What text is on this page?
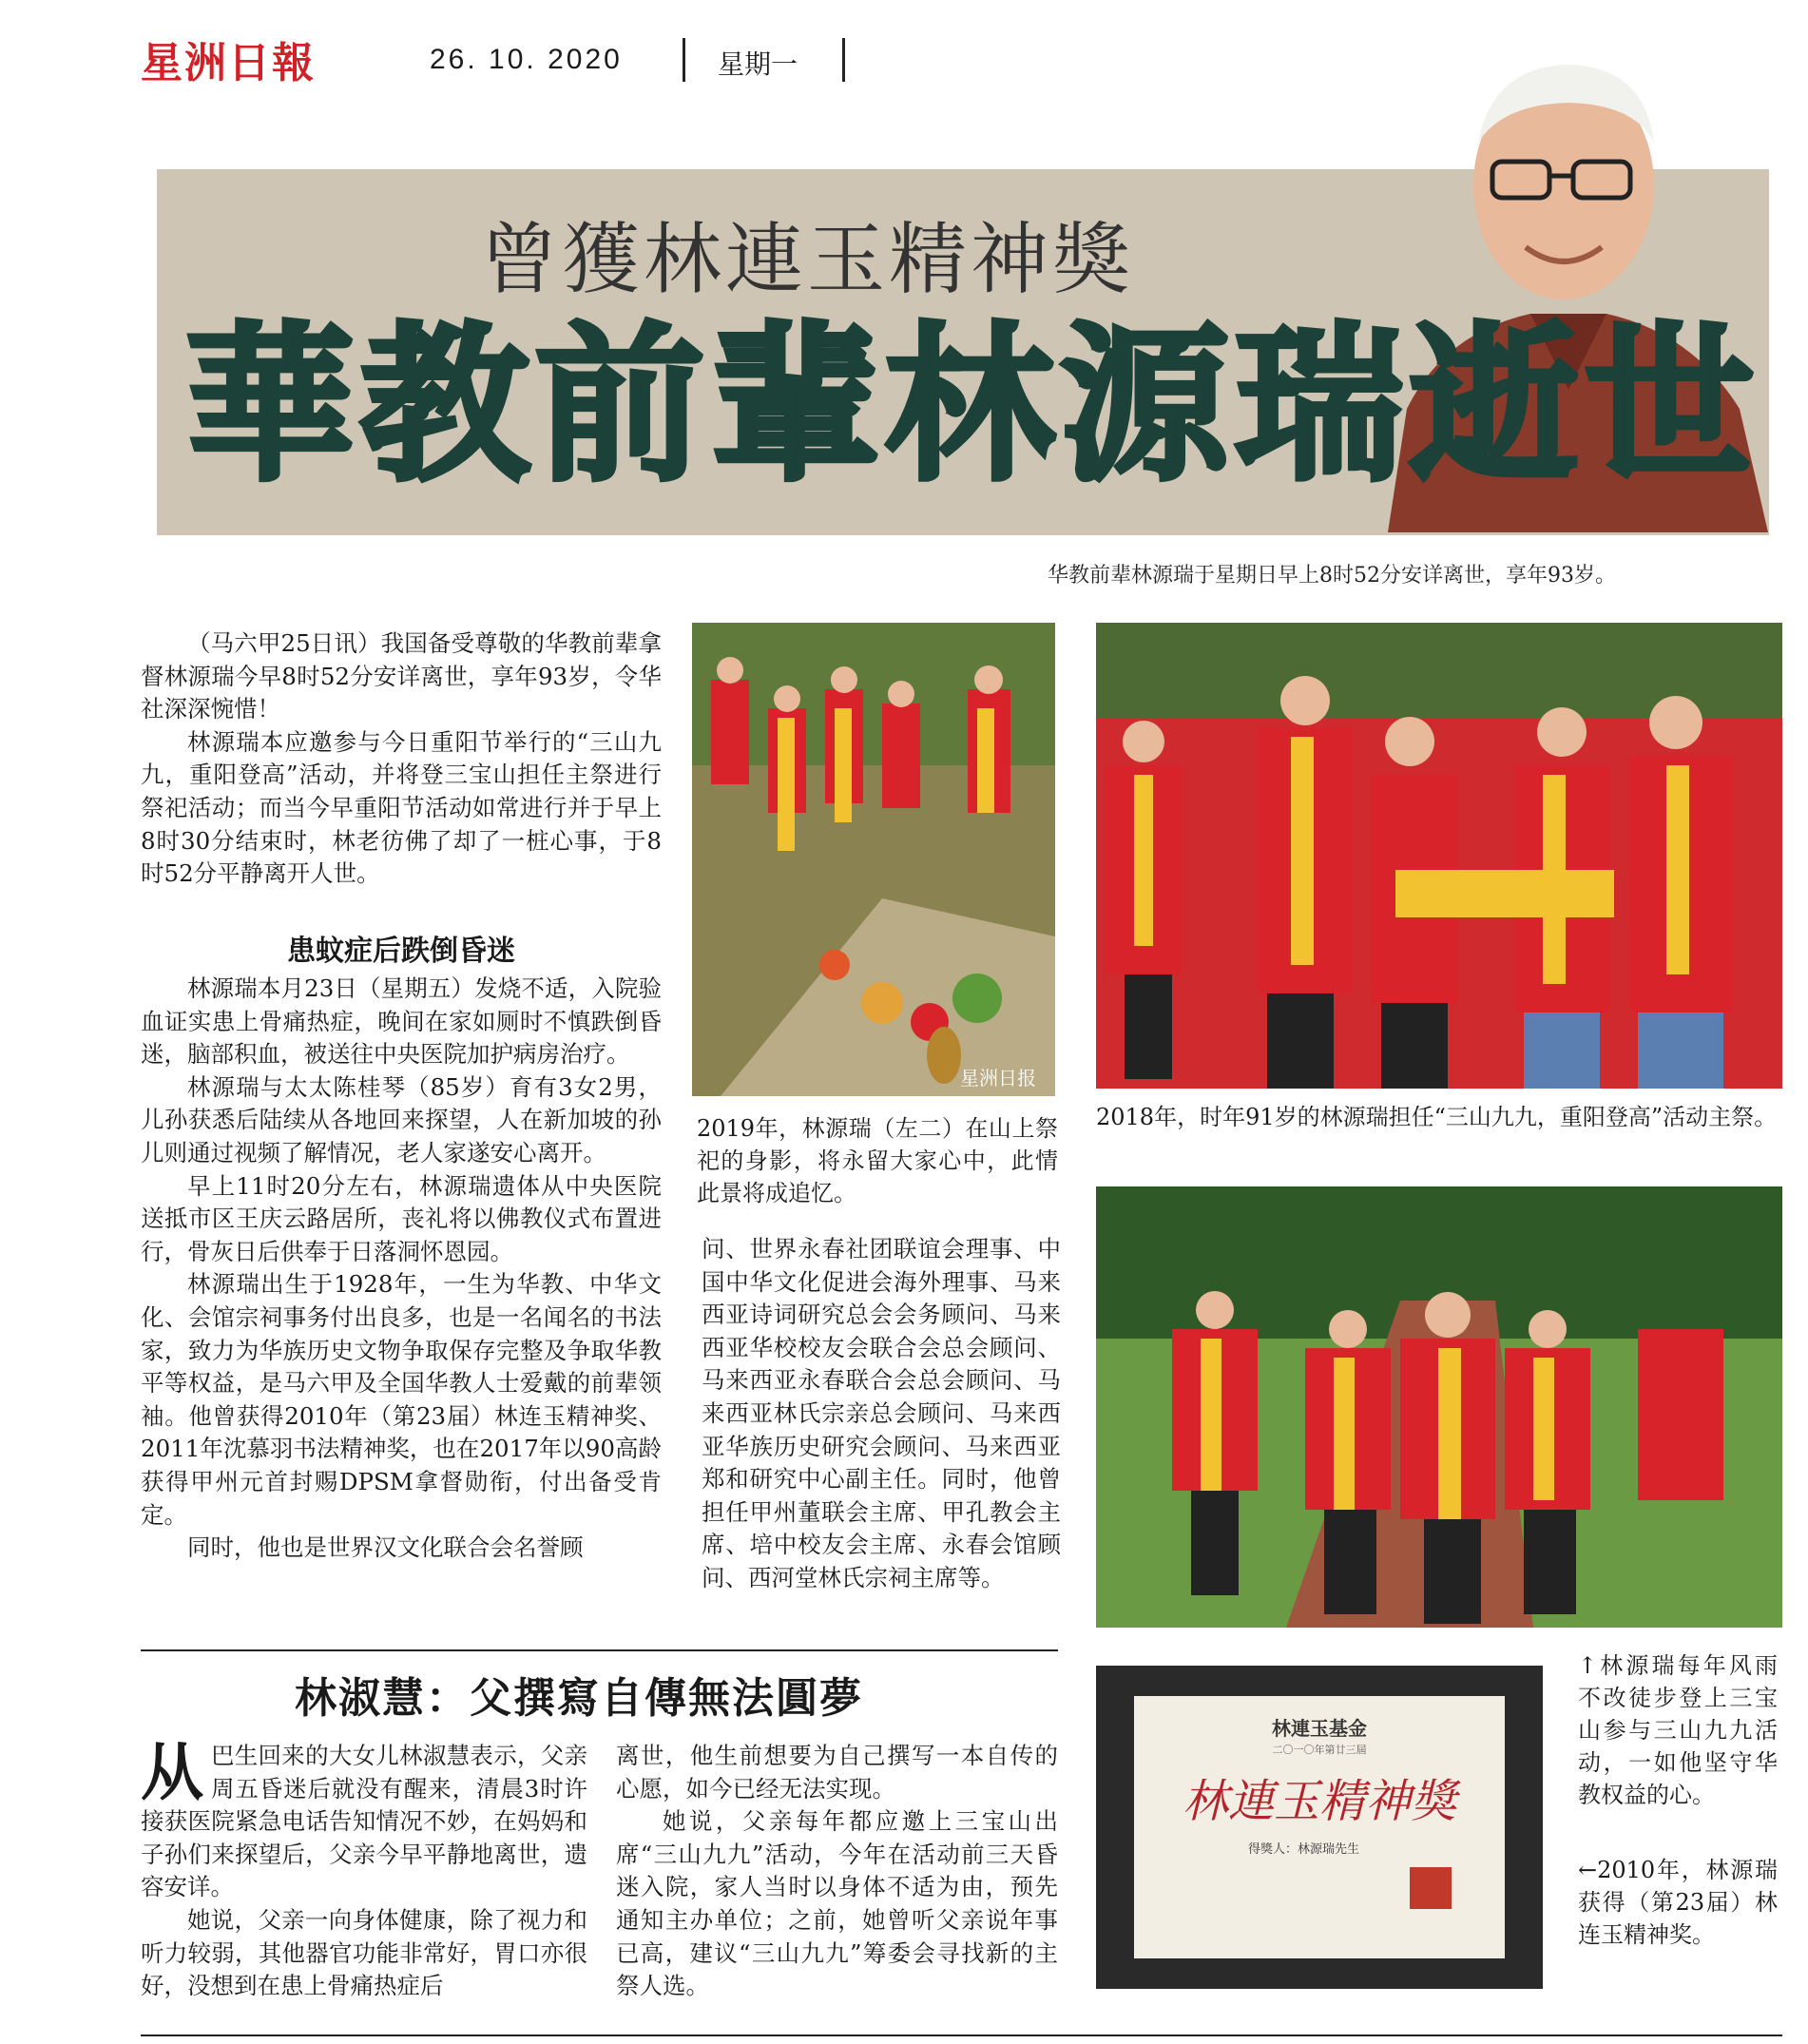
星洲日報	26. 10. 2020	星期一
曾獲林連玉精神獎
華教前輩林源瑞逝世
华教前辈林源瑞于星期日早上8时52分安详离世，享年93岁。

（马六甲25日讯）我国备受尊敬的华教前辈拿督林源瑞今早8时52分安详离世，享年93岁，令华社深深惋惜！

林源瑞本应邀参与今日重阳节举行的“三山九九，重阳登高”活动，并将登三宝山担任主祭进行祭祀活动；而当今早重阳节活动如常进行并于早上8时30分结束时，林老彷佛了却了一桩心事，于8时52分平静离开人世。

患蚊症后跌倒昏迷

林源瑞本月23日（星期五）发烧不适，入院验血证实患上骨痛热症，晚间在家如厕时不慎跌倒昏迷，脑部积血，被送往中央医院加护病房治疗。

林源瑞与太太陈桂琴（85岁）育有3女2男，儿孙获悉后陆续从各地回来探望，人在新加坡的孙儿则通过视频了解情况，老人家遂安心离开。

早上11时20分左右，林源瑞遗体从中央医院送抵市区王庆云路居所，丧礼将以佛教仪式布置进行，骨灰日后供奉于日落洞怀恩园。

林源瑞出生于1928年，一生为华教、中华文化、会馆宗祠事务付出良多，也是一名闻名的书法家，致力为华族历史文物争取保存完整及争取华教平等权益，是马六甲及全国华教人士爱戴的前辈领袖。他曾获得2010年（第23届）林连玉精神奖、2011年沈慕羽书法精神奖，也在2017年以90高龄获得甲州元首封赐DPSM拿督勋衔，付出备受肯定。

同时，他也是世界汉文化联合会名誉顾

星洲日报
2019年，林源瑞（左二）在山上祭祀的身影，将永留大家心中，此情此景将成追忆。

问、世界永春社团联谊会理事、中国中华文化促进会海外理事、马来西亚诗词研究总会会务顾问、马来西亚华校校友会联合会总会顾问、马来西亚永春联合会总会顾问、马来西亚林氏宗亲总会顾问、马来西亚华族历史研究会顾问、马来西亚郑和研究中心副主任。同时，他曾担任甲州董联会主席、甲孔教会主席、培中校友会主席、永春会馆顾问、西河堂林氏宗祠主席等。

2018年，时年91岁的林源瑞担任“三山九九，重阳登高”活动主祭。
林連玉基金
二〇一〇年第廿三屆
林連玉精神獎
得獎人：林源瑞先生
↑林源瑞每年风雨不改徒步登上三宝山参与三山九九活动，一如他坚守华教权益的心。
←2010年，林源瑞获得（第23届）林连玉精神奖。
林淑慧：父撰寫自傳無法圓夢

从巴生回来的大女儿林淑慧表示，父亲周五昏迷后就没有醒来，清晨3时许接获医院紧急电话告知情况不妙，在妈妈和子孙们来探望后，父亲今早平静地离世，遗容安详。

她说，父亲一向身体健康，除了视力和听力较弱，其他器官功能非常好，胃口亦很好，没想到在患上骨痛热症后

离世，他生前想要为自己撰写一本自传的心愿，如今已经无法实现。

她说，父亲每年都应邀上三宝山出席“三山九九”活动，今年在活动前三天昏迷入院，家人当时以身体不适为由，预先通知主办单位；之前，她曾听父亲说年事已高，建议“三山九九”筹委会寻找新的主祭人选。
